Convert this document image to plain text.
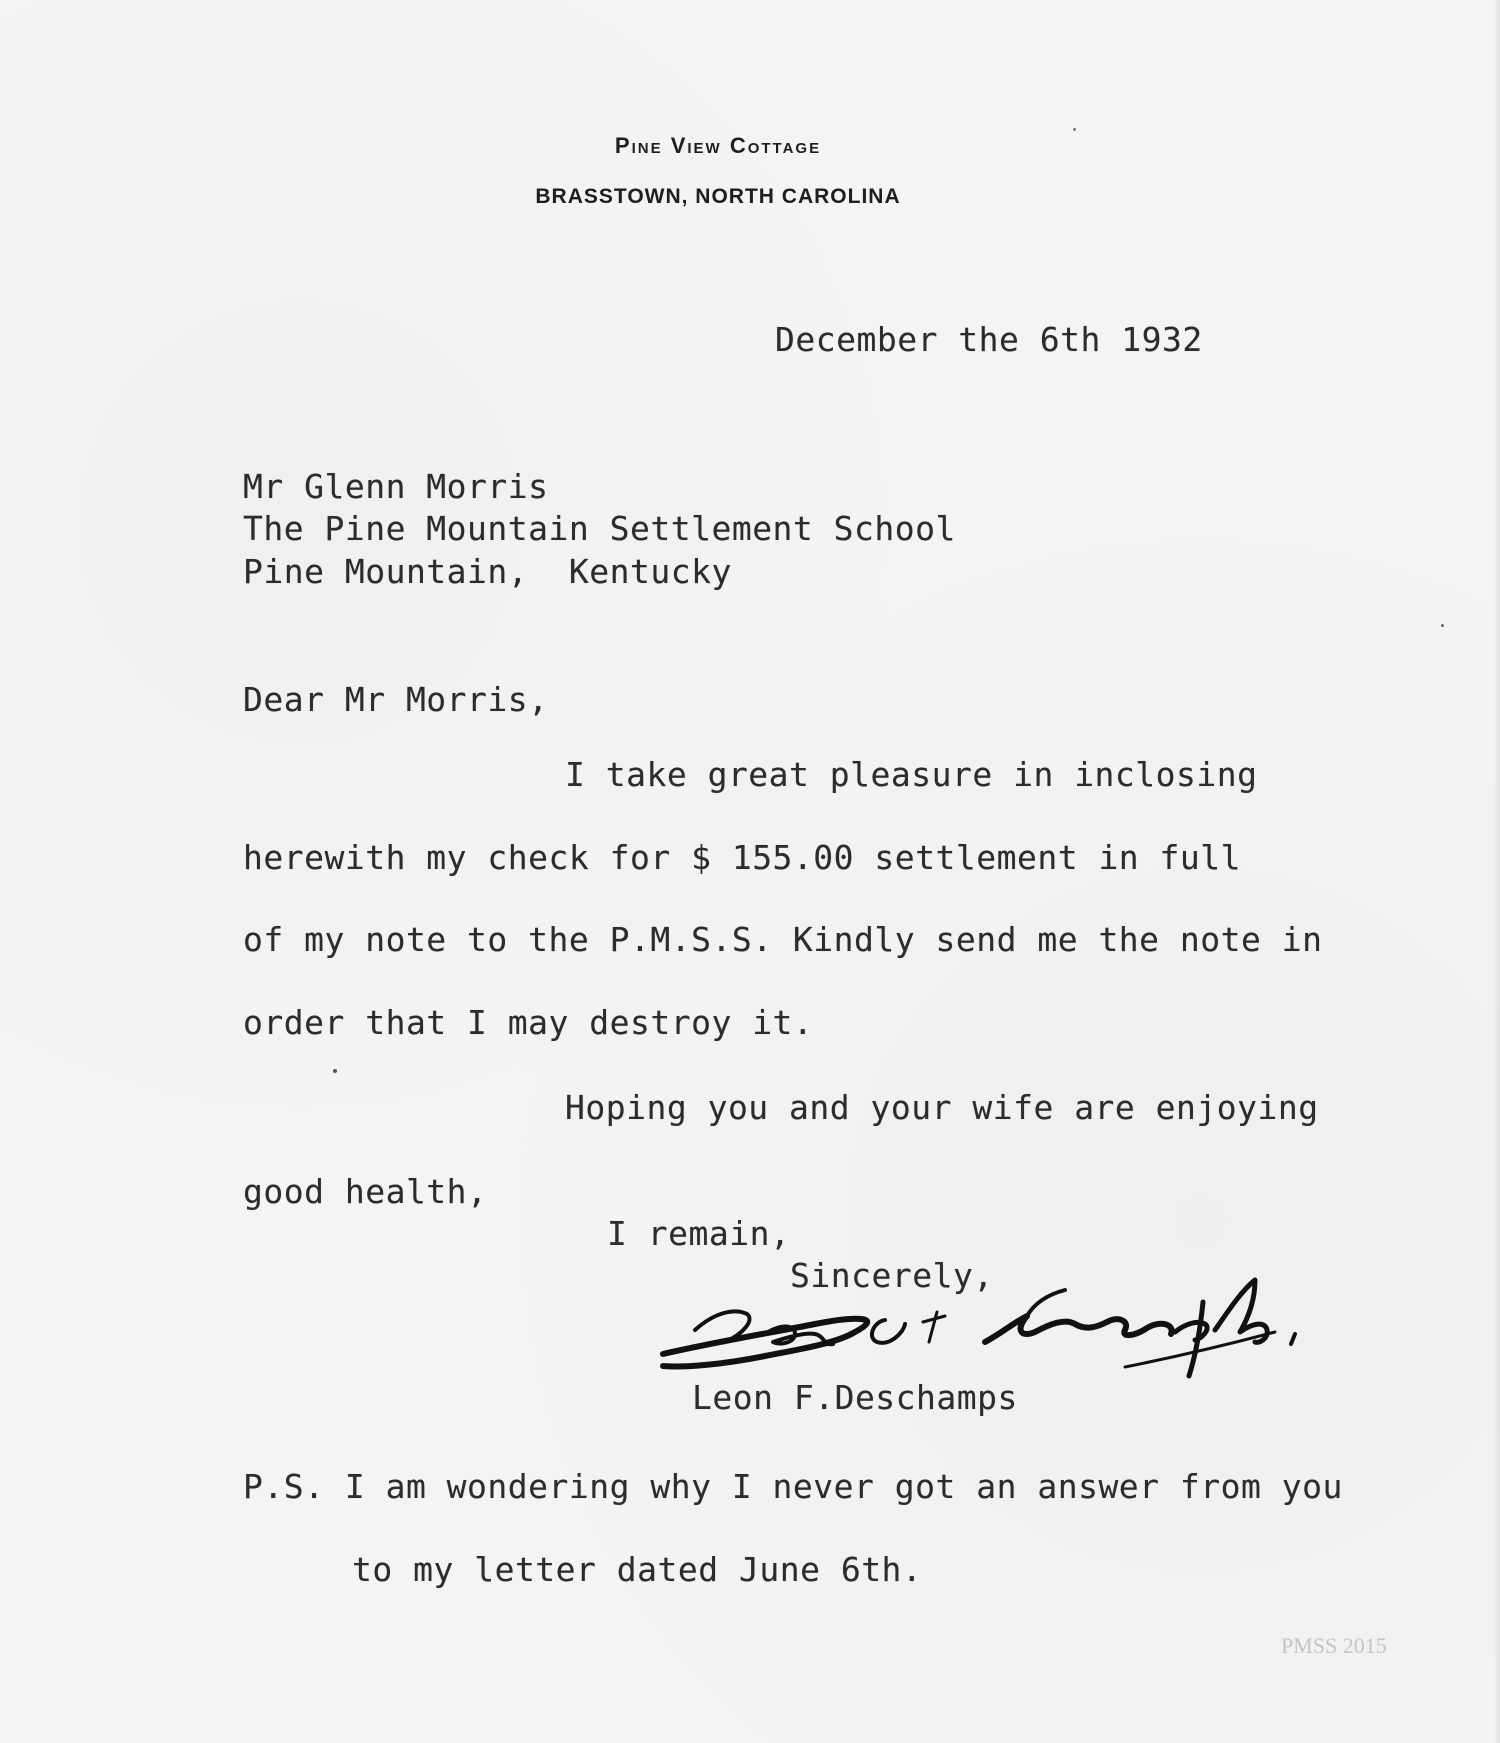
Pine View Cottage
BRASSTOWN, NORTH CAROLINA
December the 6th 1932
Mr Glenn Morris
The Pine Mountain Settlement School
Pine Mountain,  Kentucky
Dear Mr Morris,
I take great pleasure in inclosing
herewith my check for $ 155.00 settlement in full
of my note to the P.M.S.S. Kindly send me the note in
order that I may destroy it.
Hoping you and your wife are enjoying
good health,
I remain,
Sincerely,
Leon F.Deschamps
P.S. I am wondering why I never got an answer from you
to my letter dated June 6th.
PMSS 2015
